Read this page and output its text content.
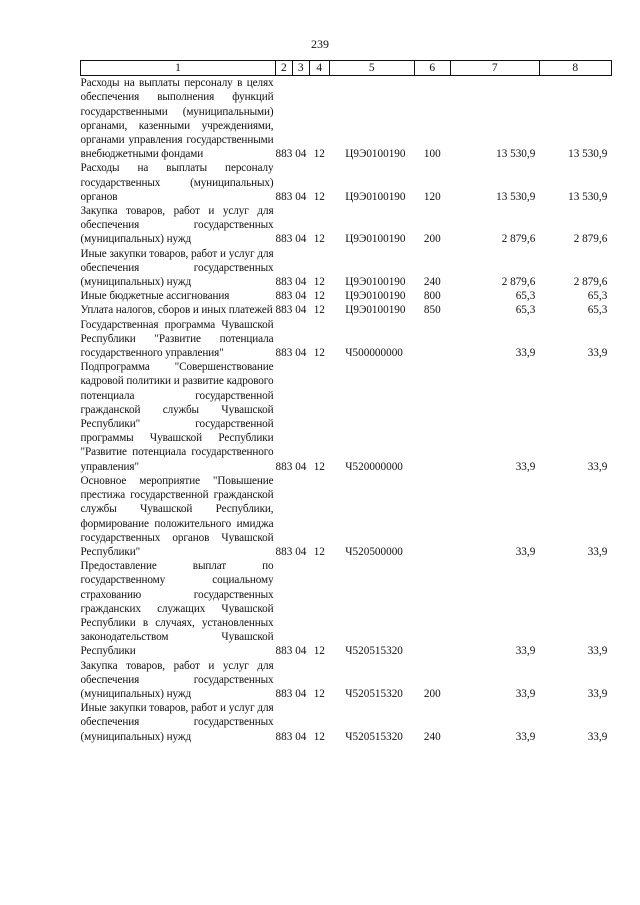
239
1	2	3	4	5	6	7	8
Расходы на выплаты персоналу в целях обеспечения выполнения функций государственными (муниципальными) органами, казенными учреждениями, органами управления государственными внебюджетными фондами	883	04	12	Ц9Э0100190	100	13 530,9	13 530,9
Расходы на выплаты персоналу государственных (муниципальных) органов	883	04	12	Ц9Э0100190	120	13 530,9	13 530,9
Закупка товаров, работ и услуг для обеспечения государственных (муниципальных) нужд	883	04	12	Ц9Э0100190	200	2 879,6	2 879,6
Иные закупки товаров, работ и услуг для обеспечения государственных (муниципальных) нужд	883	04	12	Ц9Э0100190	240	2 879,6	2 879,6
Иные бюджетные ассигнования	883	04	12	Ц9Э0100190	800	65,3	65,3
Уплата налогов, сборов и иных платежей	883	04	12	Ц9Э0100190	850	65,3	65,3
Государственная программа Чувашской Республики "Развитие потенциала государственного управления"	883	04	12	Ч500000000		33,9	33,9
Подпрограмма "Совершенствование кадровой политики и развитие кадрового потенциала государственной гражданской службы Чувашской Республики" государственной программы Чувашской Республики "Развитие потенциала государственного управления"	883	04	12	Ч520000000		33,9	33,9
Основное мероприятие "Повышение престижа государственной гражданской службы Чувашской Республики, формирование положительного имиджа государственных органов Чувашской Республики"	883	04	12	Ч520500000		33,9	33,9
Предоставление выплат по государственному социальному страхованию государственных гражданских служащих Чувашской Республики в случаях, установленных законодательством Чувашской Республики	883	04	12	Ч520515320		33,9	33,9
Закупка товаров, работ и услуг для обеспечения государственных (муниципальных) нужд	883	04	12	Ч520515320	200	33,9	33,9
Иные закупки товаров, работ и услуг для обеспечения государственных (муниципальных) нужд	883	04	12	Ч520515320	240	33,9	33,9
